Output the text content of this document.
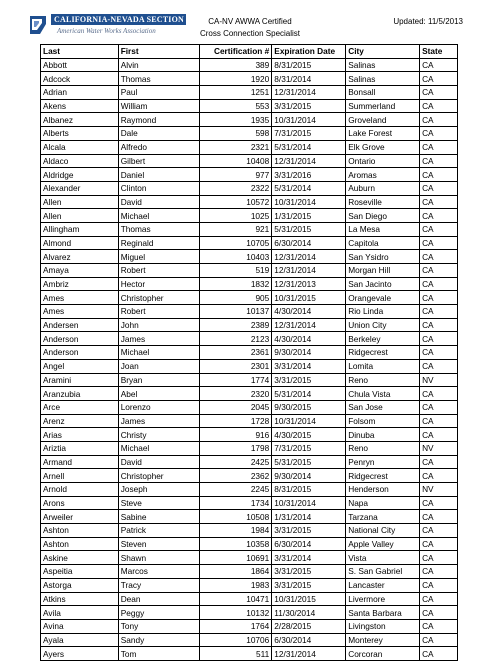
CALIFORNIA-NEVADA SECTION
American Water Works Association
CA-NV AWWA Certified
Cross Connection Specialist
Updated: 11/5/2013
Last	First	Certification #	Expiration Date	City	State
Abbott	Alvin	389	8/31/2015	Salinas	CA
Adcock	Thomas	1920	8/31/2014	Salinas	CA
Adrian	Paul	1251	12/31/2014	Bonsall	CA
Akens	William	553	3/31/2015	Summerland	CA
Albanez	Raymond	1935	10/31/2014	Groveland	CA
Alberts	Dale	598	7/31/2015	Lake Forest	CA
Alcala	Alfredo	2321	5/31/2014	Elk Grove	CA
Aldaco	Gilbert	10408	12/31/2014	Ontario	CA
Aldridge	Daniel	977	3/31/2016	Aromas	CA
Alexander	Clinton	2322	5/31/2014	Auburn	CA
Allen	David	10572	10/31/2014	Roseville	CA
Allen	Michael	1025	1/31/2015	San Diego	CA
Allingham	Thomas	921	5/31/2015	La Mesa	CA
Almond	Reginald	10705	6/30/2014	Capitola	CA
Alvarez	Miguel	10403	12/31/2014	San Ysidro	CA
Amaya	Robert	519	12/31/2014	Morgan Hill	CA
Ambriz	Hector	1832	12/31/2013	San Jacinto	CA
Ames	Christopher	905	10/31/2015	Orangevale	CA
Ames	Robert	10137	4/30/2014	Rio Linda	CA
Andersen	John	2389	12/31/2014	Union City	CA
Anderson	James	2123	4/30/2014	Berkeley	CA
Anderson	Michael	2361	9/30/2014	Ridgecrest	CA
Angel	Joan	2301	3/31/2014	Lomita	CA
Aramini	Bryan	1774	3/31/2015	Reno	NV
Aranzubia	Abel	2320	5/31/2014	Chula Vista	CA
Arce	Lorenzo	2045	9/30/2015	San Jose	CA
Arenz	James	1728	10/31/2014	Folsom	CA
Arias	Christy	916	4/30/2015	Dinuba	CA
Ariztia	Michael	1798	7/31/2015	Reno	NV
Armand	David	2425	5/31/2015	Penryn	CA
Arnell	Christopher	2362	9/30/2014	Ridgecrest	CA
Arnold	Joseph	2245	8/31/2015	Henderson	NV
Arons	Steve	1734	10/31/2014	Napa	CA
Arweiler	Sabine	10508	1/31/2014	Tarzana	CA
Ashton	Patrick	1984	3/31/2015	National City	CA
Ashton	Steven	10358	6/30/2014	Apple Valley	CA
Askine	Shawn	10691	3/31/2014	Vista	CA
Aspeitia	Marcos	1864	3/31/2015	S. San Gabriel	CA
Astorga	Tracy	1983	3/31/2015	Lancaster	CA
Atkins	Dean	10471	10/31/2015	Livermore	CA
Avila	Peggy	10132	11/30/2014	Santa Barbara	CA
Avina	Tony	1764	2/28/2015	Livingston	CA
Ayala	Sandy	10706	6/30/2014	Monterey	CA
Ayers	Tom	511	12/31/2014	Corcoran	CA
